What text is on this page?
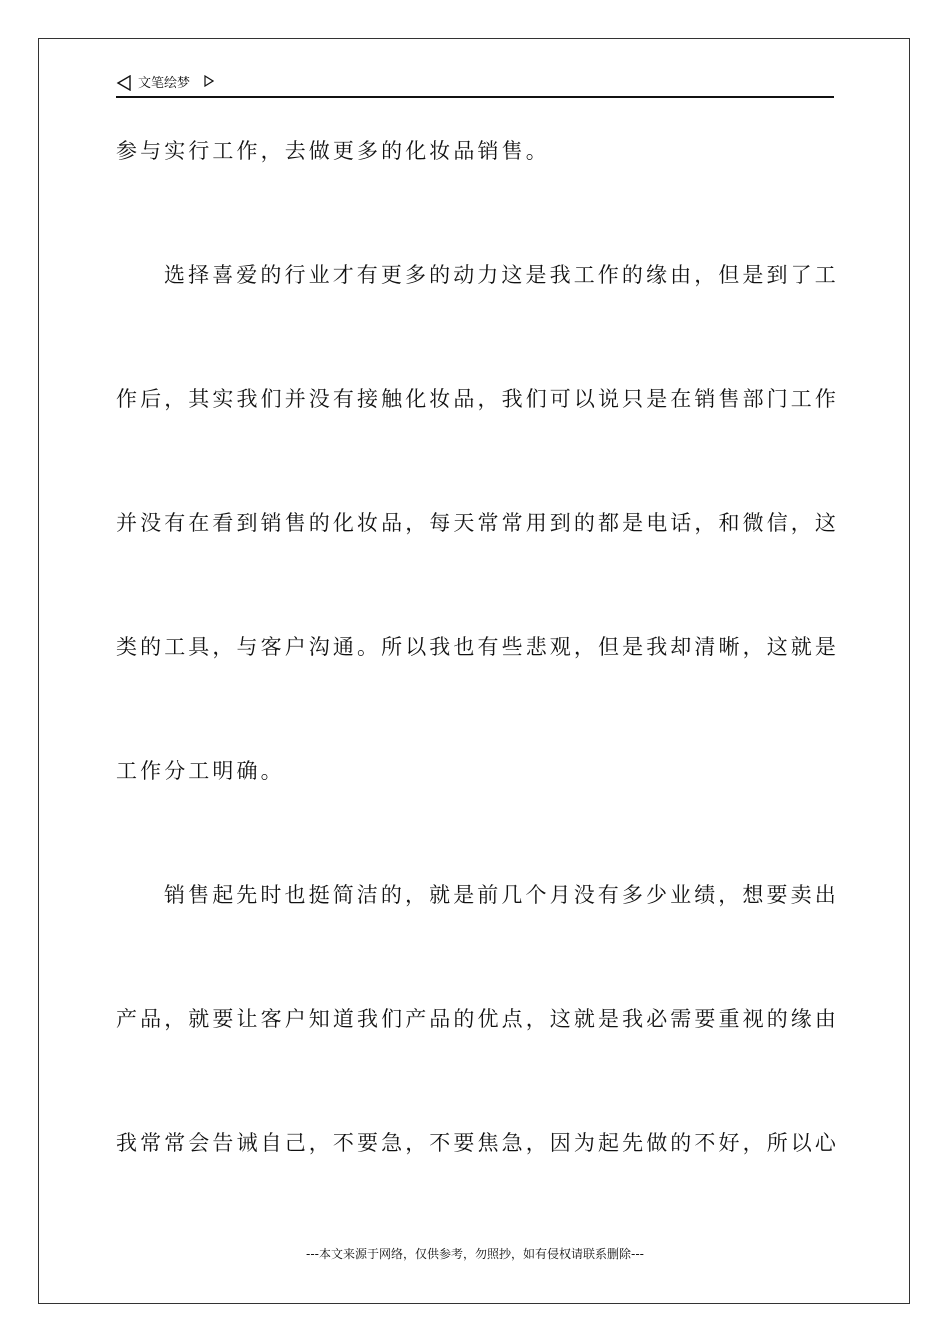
文笔绘梦
参与实行工作，去做更多的化妆品销售。
选择喜爱的行业才有更多的动力这是我工作的缘由，但是到了工
作后，其实我们并没有接触化妆品，我们可以说只是在销售部门工作
并没有在看到销售的化妆品，每天常常用到的都是电话，和微信，这
类的工具，与客户沟通。所以我也有些悲观，但是我却清晰，这就是
工作分工明确。
销售起先时也挺简洁的，就是前几个月没有多少业绩，想要卖出
产品，就要让客户知道我们产品的优点，这就是我必需要重视的缘由
我常常会告诫自己，不要急，不要焦急，因为起先做的不好，所以心
---本文来源于网络，仅供参考，勿照抄，如有侵权请联系删除---
